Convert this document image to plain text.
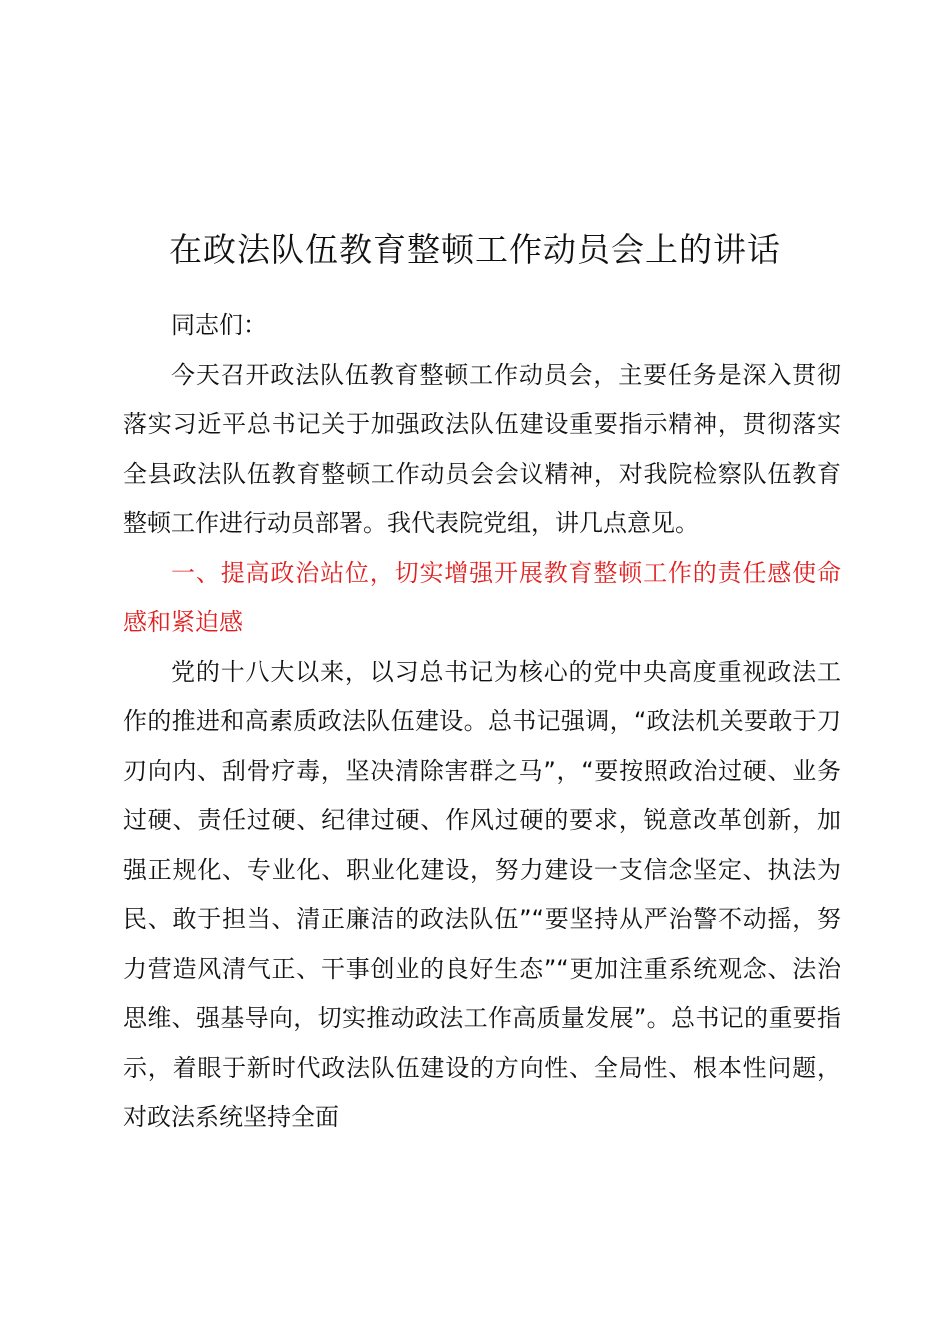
在政法队伍教育整顿工作动员会上的讲话

同志们：

今天召开政法队伍教育整顿工作动员会，主要任务是深入贯彻落实习近平总书记关于加强政法队伍建设重要指示精神，贯彻落实全县政法队伍教育整顿工作动员会会议精神，对我院检察队伍教育整顿工作进行动员部署。我代表院党组，讲几点意见。

一、提高政治站位，切实增强开展教育整顿工作的责任感使命感和紧迫感

党的十八大以来，以习总书记为核心的党中央高度重视政法工作的推进和高素质政法队伍建设。总书记强调，“政法机关要敢于刀刃向内、刮骨疗毒，坚决清除害群之马”，“要按照政治过硬、业务过硬、责任过硬、纪律过硬、作风过硬的要求，锐意改革创新，加强正规化、专业化、职业化建设，努力建设一支信念坚定、执法为民、敢于担当、清正廉洁的政法队伍”“要坚持从严治警不动摇，努力营造风清气正、干事创业的良好生态”“更加注重系统观念、法治思维、强基导向，切实推动政法工作高质量发展”。总书记的重要指示，着眼于新时代政法队伍建设的方向性、全局性、根本性问题，对政法系统坚持全面
